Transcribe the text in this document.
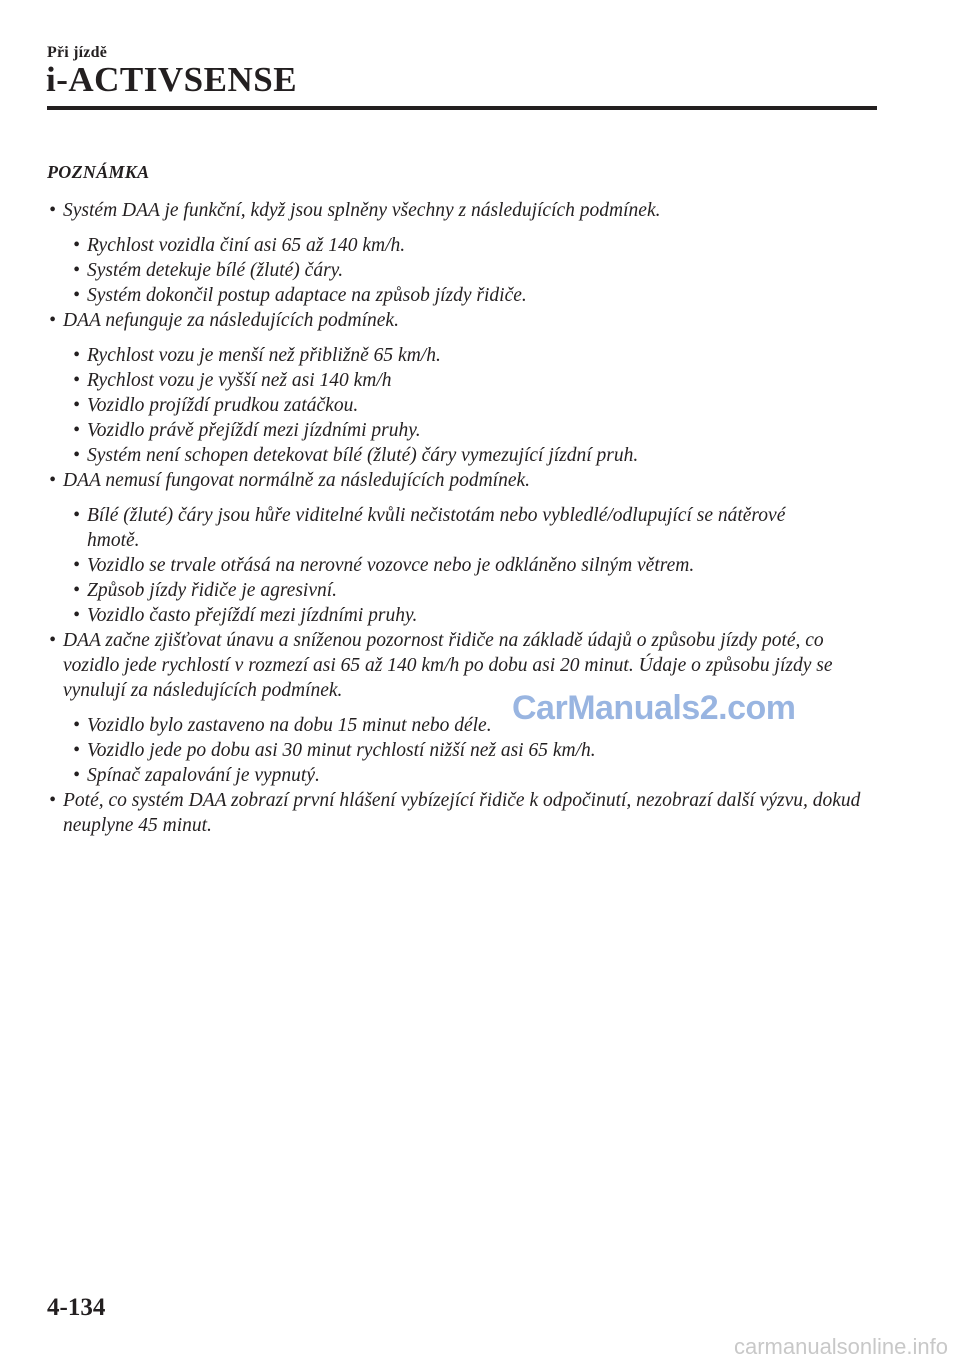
Při jízdě
i-ACTIVSENSE
POZNÁMKA
• Systém DAA je funkční, když jsou splněny všechny z následujících podmínek.
• Rychlost vozidla činí asi 65 až 140 km/h.
• Systém detekuje bílé (žluté) čáry.
• Systém dokončil postup adaptace na způsob jízdy řidiče.
• DAA nefunguje za následujících podmínek.
• Rychlost vozu je menší než přibližně 65 km/h.
• Rychlost vozu je vyšší než asi 140 km/h
• Vozidlo projíždí prudkou zatáčkou.
• Vozidlo právě přejíždí mezi jízdními pruhy.
• Systém není schopen detekovat bílé (žluté) čáry vymezující jízdní pruh.
• DAA nemusí fungovat normálně za následujících podmínek.
• Bílé (žluté) čáry jsou hůře viditelné kvůli nečistotám nebo vybledlé/odlupující se nátěrové hmotě.
• Vozidlo se trvale otřásá na nerovné vozovce nebo je odkláněno silným větrem.
• Způsob jízdy řidiče je agresivní.
• Vozidlo často přejíždí mezi jízdními pruhy.
• DAA začne zjišťovat únavu a sníženou pozornost řidiče na základě údajů o způsobu jízdy poté, co vozidlo jede rychlostí v rozmezí asi 65 až 140 km/h po dobu asi 20 minut. Údaje o způsobu jízdy se vynulují za následujících podmínek.
• Vozidlo bylo zastaveno na dobu 15 minut nebo déle.
• Vozidlo jede po dobu asi 30 minut rychlostí nižší než asi 65 km/h.
• Spínač zapalování je vypnutý.
• Poté, co systém DAA zobrazí první hlášení vybízející řidiče k odpočinutí, nezobrazí další výzvu, dokud neuplyne 45 minut.
CarManuals2.com
4-134
carmanualsonline.info
